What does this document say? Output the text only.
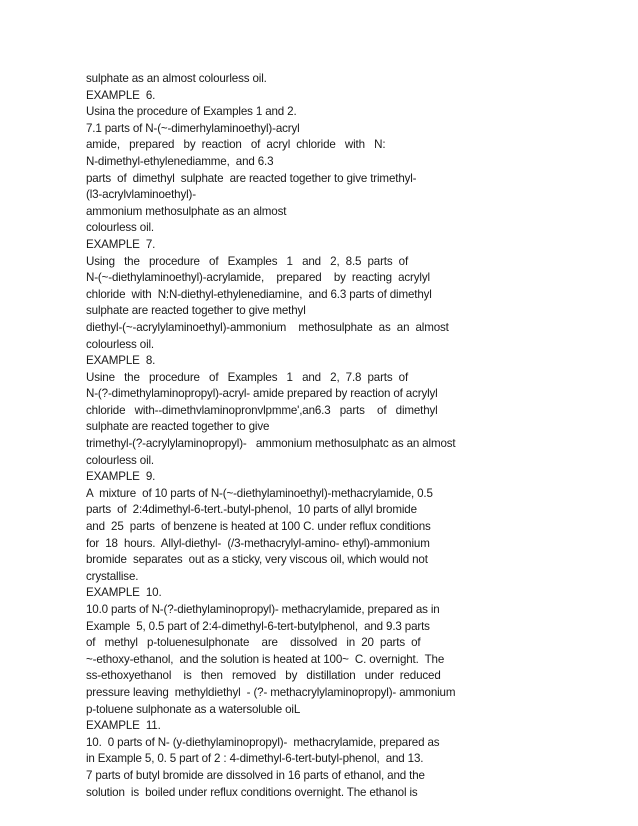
sulphate as an almost colourless oil.
EXAMPLE  6.
Usina the procedure of Examples 1 and 2.
7.1 parts of N-(~-dimerhylaminoethyl)-acryl
amide,   prepared   by  reaction   of  acryl  chloride   with   N:
N-dimethyl-ethylenediamme,  and 6.3
parts  of  dimethyl  sulphate  are reacted together to give trimethyl-
(l3-acrylvlaminoethyl)-
ammonium methosulphate as an almost
colourless oil.
EXAMPLE  7.
Using   the   procedure   of   Examples   1   and   2,  8.5  parts  of
N-(~-diethylaminoethyl)-acrylamide,    prepared    by  reacting  acrylyl
chloride  with  N:N-diethyl-ethylenediamine,  and 6.3 parts of dimethyl
sulphate are reacted together to give methyl
diethyl-(~-acrylylaminoethyl)-ammonium    methosulphate  as  an  almost
colourless oil.
EXAMPLE  8.
Usine   the   procedure   of   Examples   1   and   2,  7.8  parts  of
N-(?-dimethylaminopropyl)-acryl- amide prepared by reaction of acrylyl
chloride   with--dimethvlaminopronvlpmme',an6.3   parts    of   dimethyl
sulphate are reacted together to give
trimethyl-(?-acrylylaminopropyl)-   ammonium methosulphatc as an almost
colourless oil.
EXAMPLE  9.
A  mixture  of 10 parts of N-(~-diethylaminoethyl)-methacrylamide, 0.5
parts  of  2:4dimethyl-6-tert.-butyl-phenol,  10 parts of allyl bromide
and  25  parts  of benzene is heated at 100 C. under reflux conditions
for  18  hours.  Allyl-diethyl-  (/3-methacrylyl-amino- ethyl)-ammonium
bromide  separates  out as a sticky, very viscous oil, which would not
crystallise.
EXAMPLE  10.
10.0 parts of N-(?-diethylaminopropyl)- methacrylamide, prepared as in
Example  5, 0.5 part of 2:4-dimethyl-6-tert-butylphenol,  and 9.3 parts
of   methyl   p-toluenesulphonate    are    dissolved   in  20  parts  of
~-ethoxy-ethanol,  and the solution is heated at 100~  C. overnight.  The
ss-ethoxyethanol    is   then   removed   by   distillation   under  reduced
pressure leaving  methyldiethyl  - (?- methacrylylaminopropyl)- ammonium
p-toluene sulphonate as a watersoluble oiL
EXAMPLE  11.
10.  0 parts of N- (y-diethylaminopropyl)-  methacrylamide, prepared as
in Example 5, 0. 5 part of 2 : 4-dimethyl-6-tert-butyl-phenol,  and 13.
7 parts of butyl bromide are dissolved in 16 parts of ethanol, and the
solution  is  boiled under reflux conditions overnight. The ethanol is
